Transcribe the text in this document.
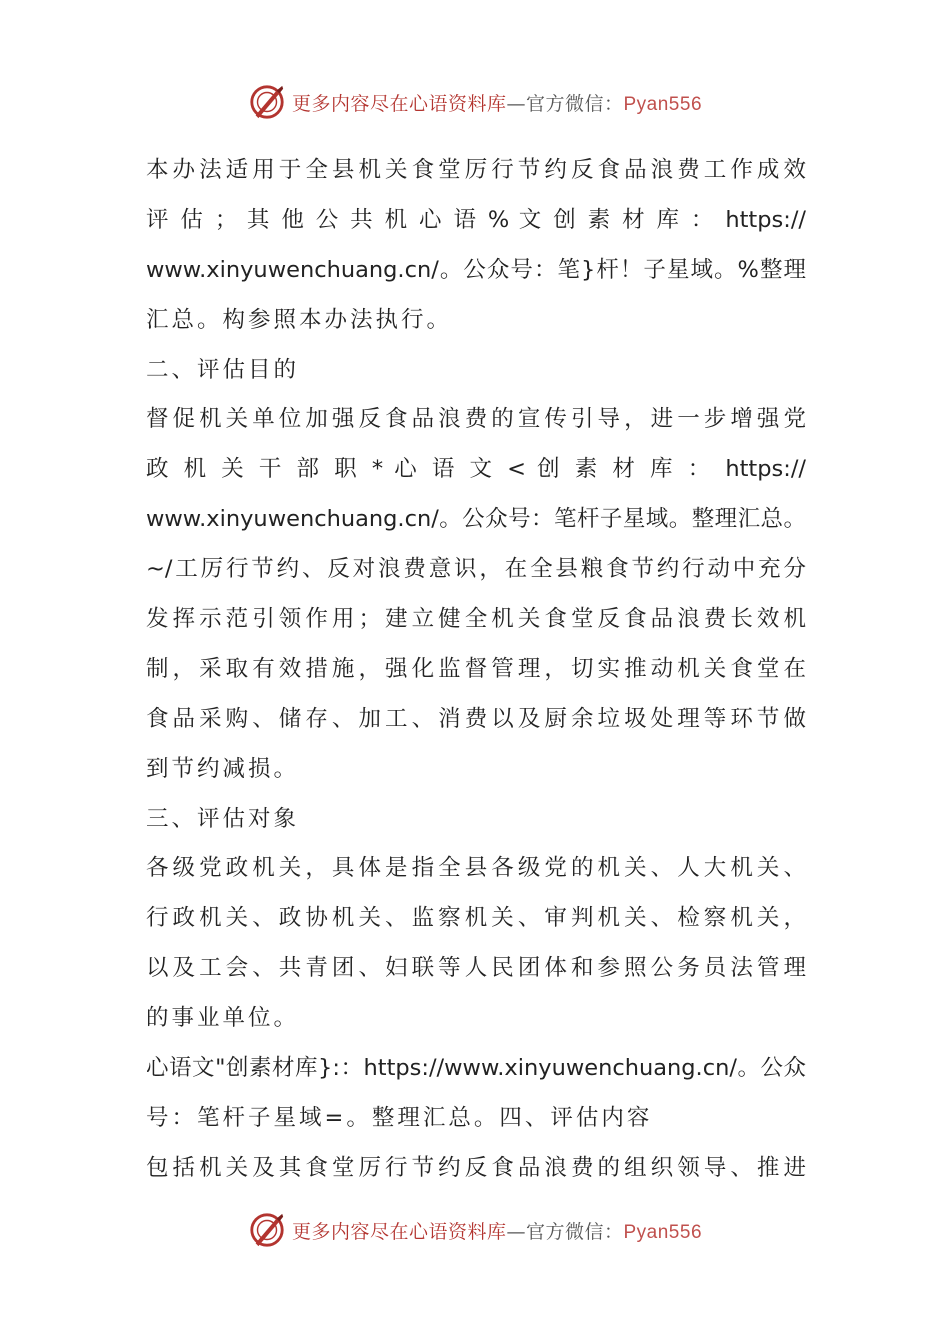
更多内容尽在心语资料库—官方微信：Pyan556
本办法适用于全县机关食堂厉行节约反食品浪费工作成效
评 估 ； 其 他 公 共 机 心 语 % 文 创 素 材 库 ： https://
www.xinyuwenchuang.cn/。公众号：笔}杆！子星域。%整理
汇总。构参照本办法执行。
二、评估目的
督促机关单位加强反食品浪费的宣传引导，进一步增强党
政 机 关 干 部 职 * 心 语 文 < 创 素 材 库 ： https://
www.xinyuwenchuang.cn/。公众号：笔杆子星域。整理汇总。
~/工厉行节约、反对浪费意识，在全县粮食节约行动中充分
发挥示范引领作用；建立健全机关食堂反食品浪费长效机
制，采取有效措施，强化监督管理，切实推动机关食堂在
食品采购、储存、加工、消费以及厨余垃圾处理等环节做
到节约减损。
三、评估对象
各级党政机关，具体是指全县各级党的机关、人大机关、
行政机关、政协机关、监察机关、审判机关、检察机关，
以及工会、共青团、妇联等人民团体和参照公务员法管理
的事业单位。
心语文"创素材库}:：https://www.xinyuwenchuang.cn/。公众
号：笔杆子星域=。整理汇总。四、评估内容
包括机关及其食堂厉行节约反食品浪费的组织领导、推进
更多内容尽在心语资料库—官方微信：Pyan556
